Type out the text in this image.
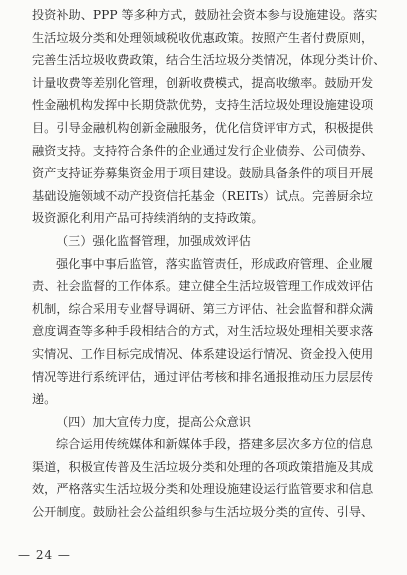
投资补助、PPP 等多种方式，鼓励社会资本参与设施建设。落实
生活垃圾分类和处理领域税收优惠政策。按照产生者付费原则，
完善生活垃圾收费政策，结合生活垃圾分类情况，体现分类计价、
计量收费等差别化管理，创新收费模式，提高收缴率。鼓励开发
性金融机构发挥中长期贷款优势，支持生活垃圾处理设施建设项
目。引导金融机构创新金融服务，优化信贷评审方式，积极提供
融资支持。支持符合条件的企业通过发行企业债券、公司债券、
资产支持证券募集资金用于项目建设。鼓励具备条件的项目开展
基础设施领域不动产投资信托基金（REITs）试点。完善厨余垃
圾资源化利用产品可持续消纳的支持政策。
（三）强化监督管理，加强成效评估
强化事中事后监管，落实监管责任，形成政府管理、企业履
责、社会监督的工作体系。建立健全生活垃圾管理工作成效评估
机制，综合采用专业督导调研、第三方评估、社会监督和群众满
意度调查等多种手段相结合的方式，对生活垃圾处理相关要求落
实情况、工作目标完成情况、体系建设运行情况、资金投入使用
情况等进行系统评估，通过评估考核和排名通报推动压力层层传
递。
（四）加大宣传力度，提高公众意识
综合运用传统媒体和新媒体手段，搭建多层次多方位的信息
渠道，积极宣传普及生活垃圾分类和处理的各项政策措施及其成
效，严格落实生活垃圾分类和处理设施建设运行监管要求和信息
公开制度。鼓励社会公益组织参与生活垃圾分类的宣传、引导、
— 24 —
